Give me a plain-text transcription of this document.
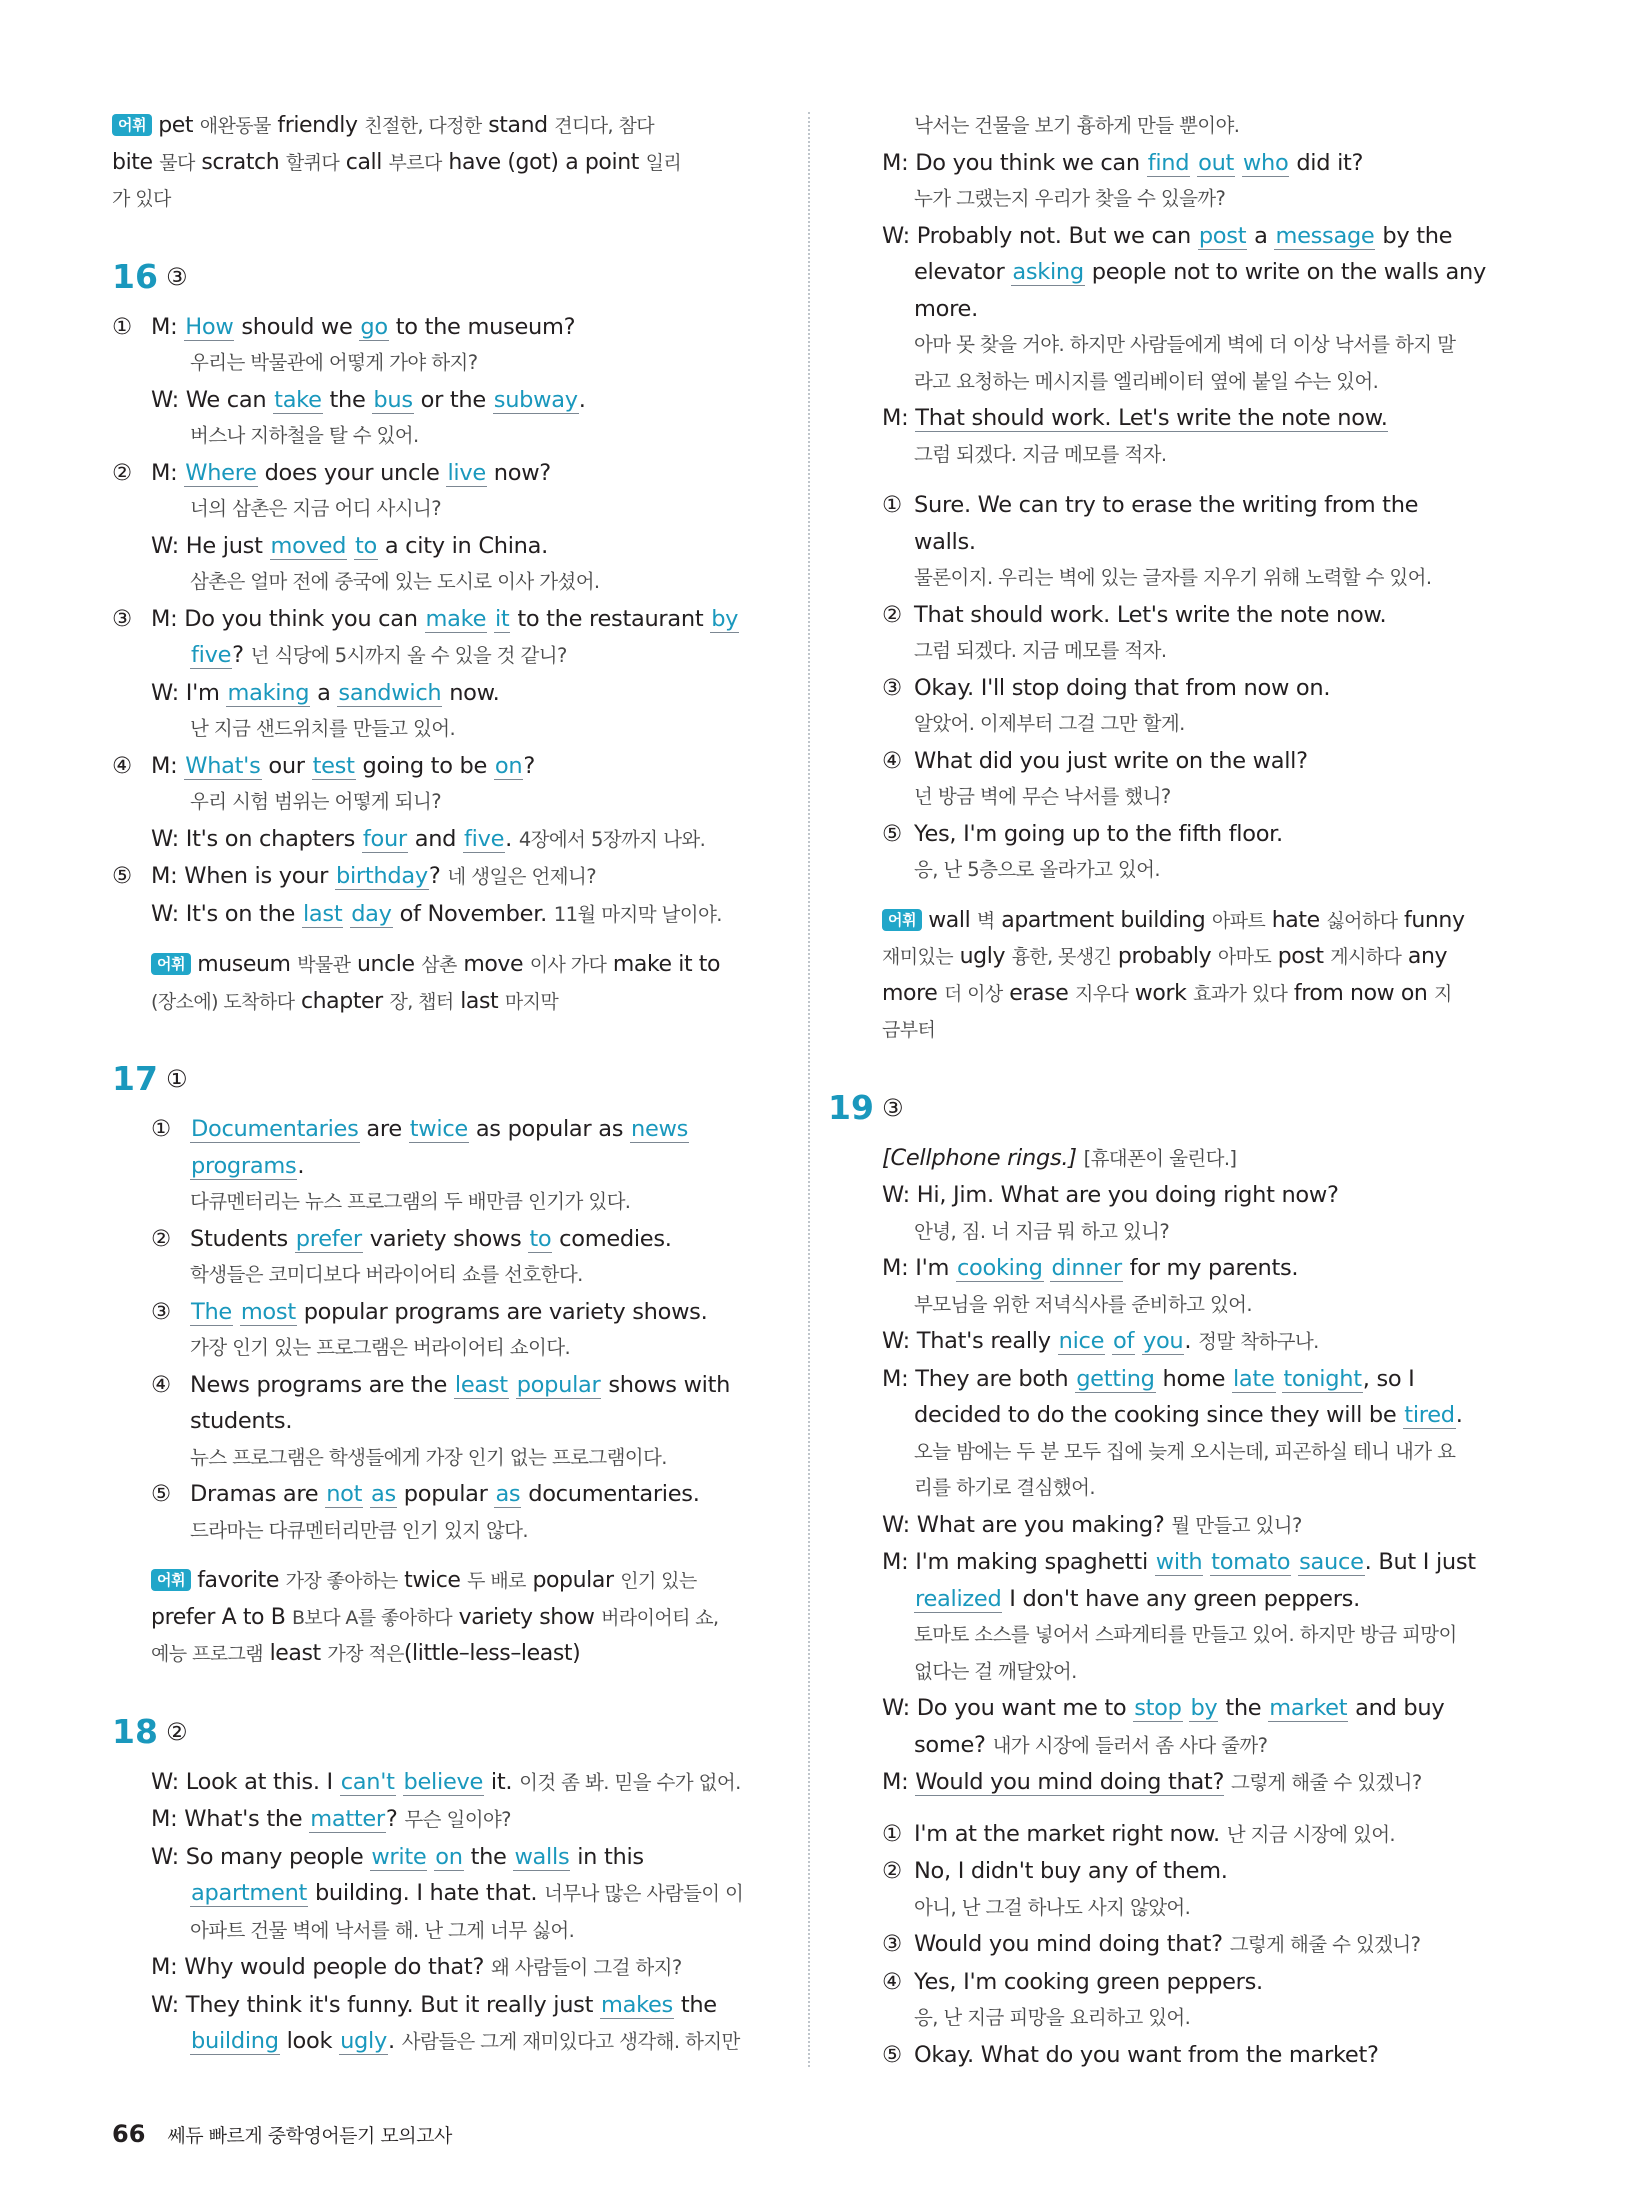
어휘 pet 애완동물 friendly 친절한, 다정한 stand 견디다, 참다
bite 물다 scratch 할퀴다 call 부르다 have (got) a point 일리
가 있다
16 ③
① M: How should we go to the museum?
우리는 박물관에 어떻게 가야 하지?
W: We can take the bus or the subway.
버스나 지하철을 탈 수 있어.
② M: Where does your uncle live now?
너의 삼촌은 지금 어디 사시니?
W: He just moved to a city in China.
삼촌은 얼마 전에 중국에 있는 도시로 이사 가셨어.
③ M: Do you think you can make it to the restaurant by
five? 넌 식당에 5시까지 올 수 있을 것 같니?
W: I'm making a sandwich now.
난 지금 샌드위치를 만들고 있어.
④ M: What's our test going to be on?
우리 시험 범위는 어떻게 되니?
W: It's on chapters four and five. 4장에서 5장까지 나와.
⑤ M: When is your birthday? 네 생일은 언제니?
W: It's on the last day of November. 11월 마지막 날이야.
어휘 museum 박물관 uncle 삼촌 move 이사 가다 make it to
(장소에) 도착하다 chapter 장, 챕터 last 마지막
17 ①
① Documentaries are twice as popular as news
programs.
다큐멘터리는 뉴스 프로그램의 두 배만큼 인기가 있다.
② Students prefer variety shows to comedies.
학생들은 코미디보다 버라이어티 쇼를 선호한다.
③ The most popular programs are variety shows.
가장 인기 있는 프로그램은 버라이어티 쇼이다.
④ News programs are the least popular shows with
students.
뉴스 프로그램은 학생들에게 가장 인기 없는 프로그램이다.
⑤ Dramas are not as popular as documentaries.
드라마는 다큐멘터리만큼 인기 있지 않다.
어휘 favorite 가장 좋아하는 twice 두 배로 popular 인기 있는
prefer A to B B보다 A를 좋아하다 variety show 버라이어티 쇼,
예능 프로그램 least 가장 적은(little–less–least)
18 ②
W: Look at this. I can't believe it. 이것 좀 봐. 믿을 수가 없어.
M: What's the matter? 무슨 일이야?
W: So many people write on the walls in this
apartment building. I hate that. 너무나 많은 사람들이 이
아파트 건물 벽에 낙서를 해. 난 그게 너무 싫어.
M: Why would people do that? 왜 사람들이 그걸 하지?
W: They think it's funny. But it really just makes the
building look ugly. 사람들은 그게 재미있다고 생각해. 하지만
낙서는 건물을 보기 흉하게 만들 뿐이야.
M: Do you think we can find out who did it?
누가 그랬는지 우리가 찾을 수 있을까?
W: Probably not. But we can post a message by the
elevator asking people not to write on the walls any
more.
아마 못 찾을 거야. 하지만 사람들에게 벽에 더 이상 낙서를 하지 말
라고 요청하는 메시지를 엘리베이터 옆에 붙일 수는 있어.
M: That should work. Let's write the note now.
그럼 되겠다. 지금 메모를 적자.
① Sure. We can try to erase the writing from the
walls.
물론이지. 우리는 벽에 있는 글자를 지우기 위해 노력할 수 있어.
② That should work. Let's write the note now.
그럼 되겠다. 지금 메모를 적자.
③ Okay. I'll stop doing that from now on.
알았어. 이제부터 그걸 그만 할게.
④ What did you just write on the wall?
넌 방금 벽에 무슨 낙서를 했니?
⑤ Yes, I'm going up to the fifth floor.
응, 난 5층으로 올라가고 있어.
어휘 wall 벽 apartment building 아파트 hate 싫어하다 funny
재미있는 ugly 흉한, 못생긴 probably 아마도 post 게시하다 any
more 더 이상 erase 지우다 work 효과가 있다 from now on 지
금부터
19 ③
[Cellphone rings.] [휴대폰이 울린다.]
W: Hi, Jim. What are you doing right now?
안녕, 짐. 너 지금 뭐 하고 있니?
M: I'm cooking dinner for my parents.
부모님을 위한 저녁식사를 준비하고 있어.
W: That's really nice of you. 정말 착하구나.
M: They are both getting home late tonight, so I
decided to do the cooking since they will be tired.
오늘 밤에는 두 분 모두 집에 늦게 오시는데, 피곤하실 테니 내가 요
리를 하기로 결심했어.
W: What are you making? 뭘 만들고 있니?
M: I'm making spaghetti with tomato sauce. But I just
realized I don't have any green peppers.
토마토 소스를 넣어서 스파게티를 만들고 있어. 하지만 방금 피망이
없다는 걸 깨달았어.
W: Do you want me to stop by the market and buy
some? 내가 시장에 들러서 좀 사다 줄까?
M: Would you mind doing that? 그렇게 해줄 수 있겠니?
① I'm at the market right now. 난 지금 시장에 있어.
② No, I didn't buy any of them.
아니, 난 그걸 하나도 사지 않았어.
③ Would you mind doing that? 그렇게 해줄 수 있겠니?
④ Yes, I'm cooking green peppers.
응, 난 지금 피망을 요리하고 있어.
⑤ Okay. What do you want from the market?
66 쎄듀 빠르게 중학영어듣기 모의고사
